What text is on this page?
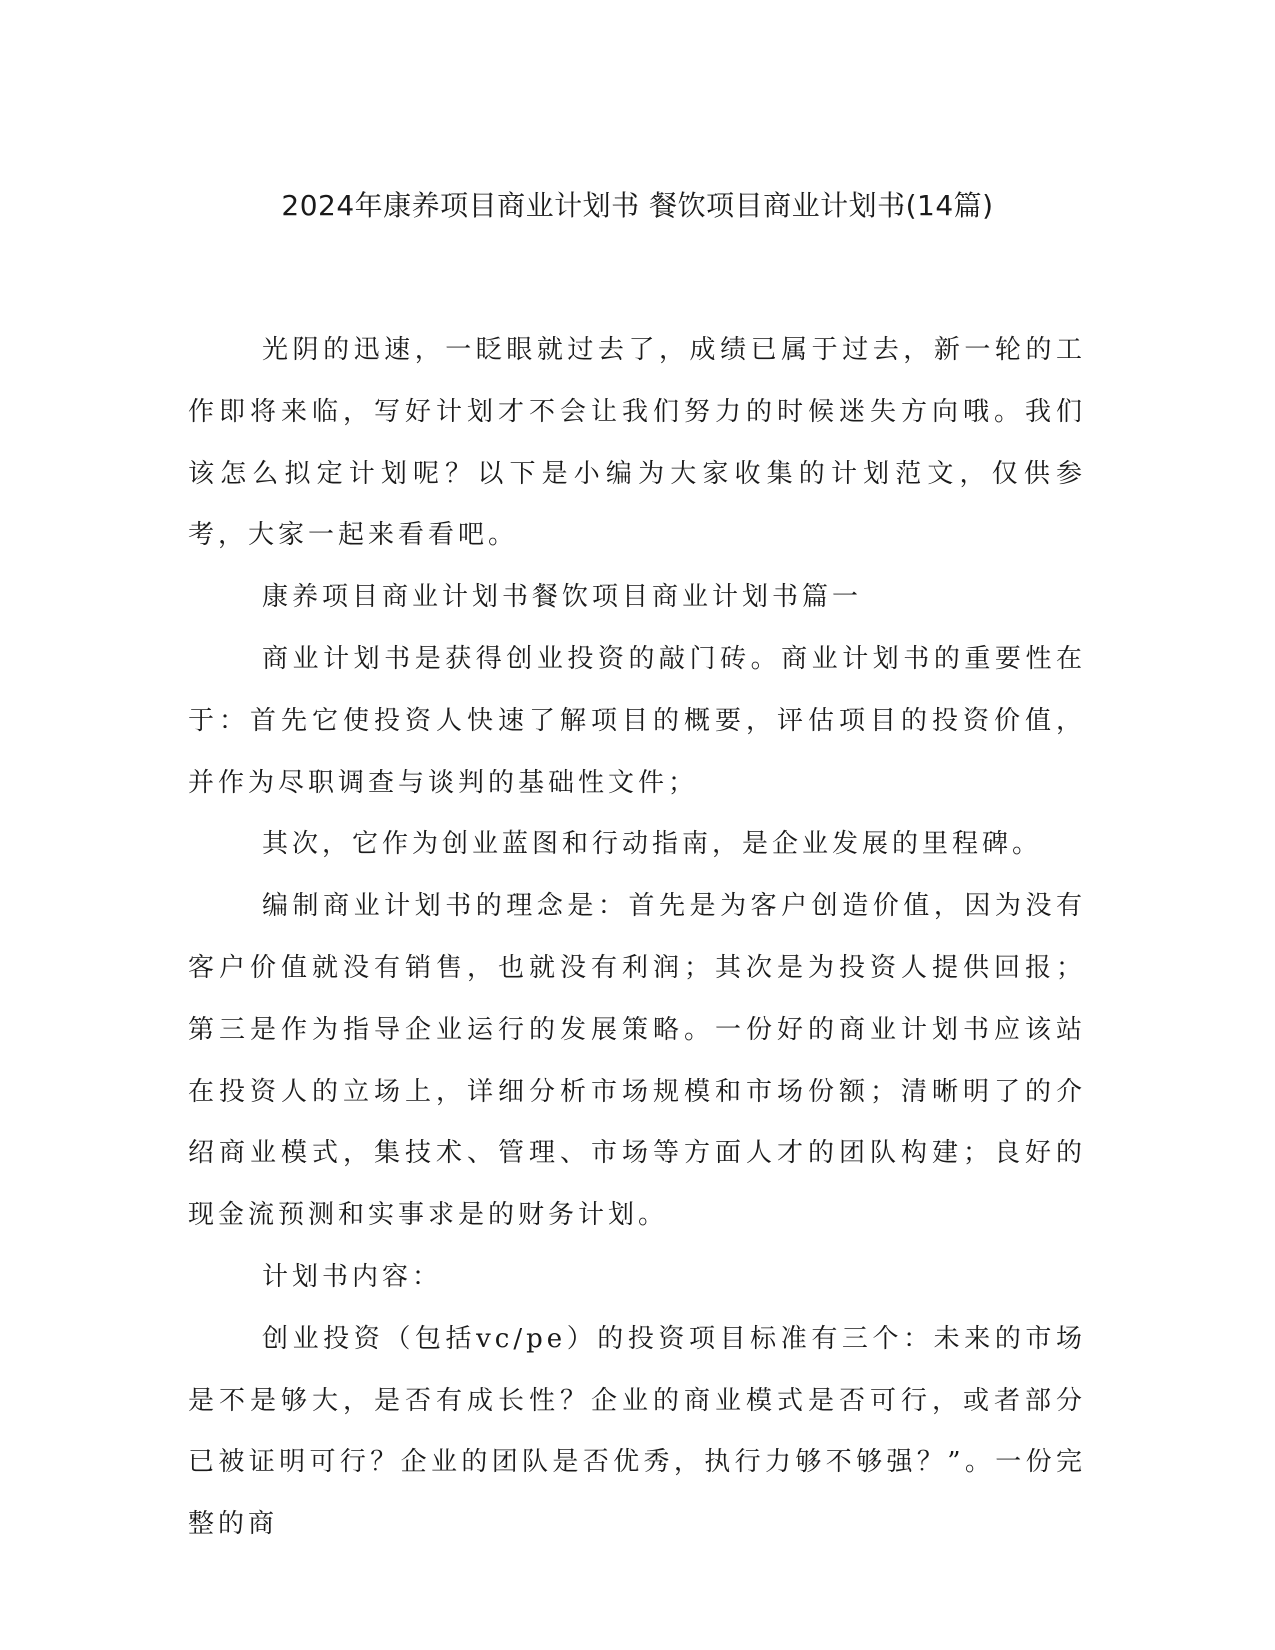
2024年康养项目商业计划书 餐饮项目商业计划书(14篇)

光阴的迅速，一眨眼就过去了，成绩已属于过去，新一轮的工作即将来临，写好计划才不会让我们努力的时候迷失方向哦。我们该怎么拟定计划呢？以下是小编为大家收集的计划范文，仅供参考，大家一起来看看吧。

康养项目商业计划书餐饮项目商业计划书篇一

商业计划书是获得创业投资的敲门砖。商业计划书的重要性在于：首先它使投资人快速了解项目的概要，评估项目的投资价值，并作为尽职调查与谈判的基础性文件；

其次，它作为创业蓝图和行动指南，是企业发展的里程碑。

编制商业计划书的理念是：首先是为客户创造价值，因为没有客户价值就没有销售，也就没有利润；其次是为投资人提供回报；第三是作为指导企业运行的发展策略。一份好的商业计划书应该站在投资人的立场上，详细分析市场规模和市场份额；清晰明了的介绍商业模式，集技术、管理、市场等方面人才的团队构建；良好的现金流预测和实事求是的财务计划。

计划书内容：

创业投资（包括vc/pe）的投资项目标准有三个：未来的市场是不是够大，是否有成长性？企业的商业模式是否可行，或者部分已被证明可行？企业的团队是否优秀，执行力够不够强？”。一份完整的商
